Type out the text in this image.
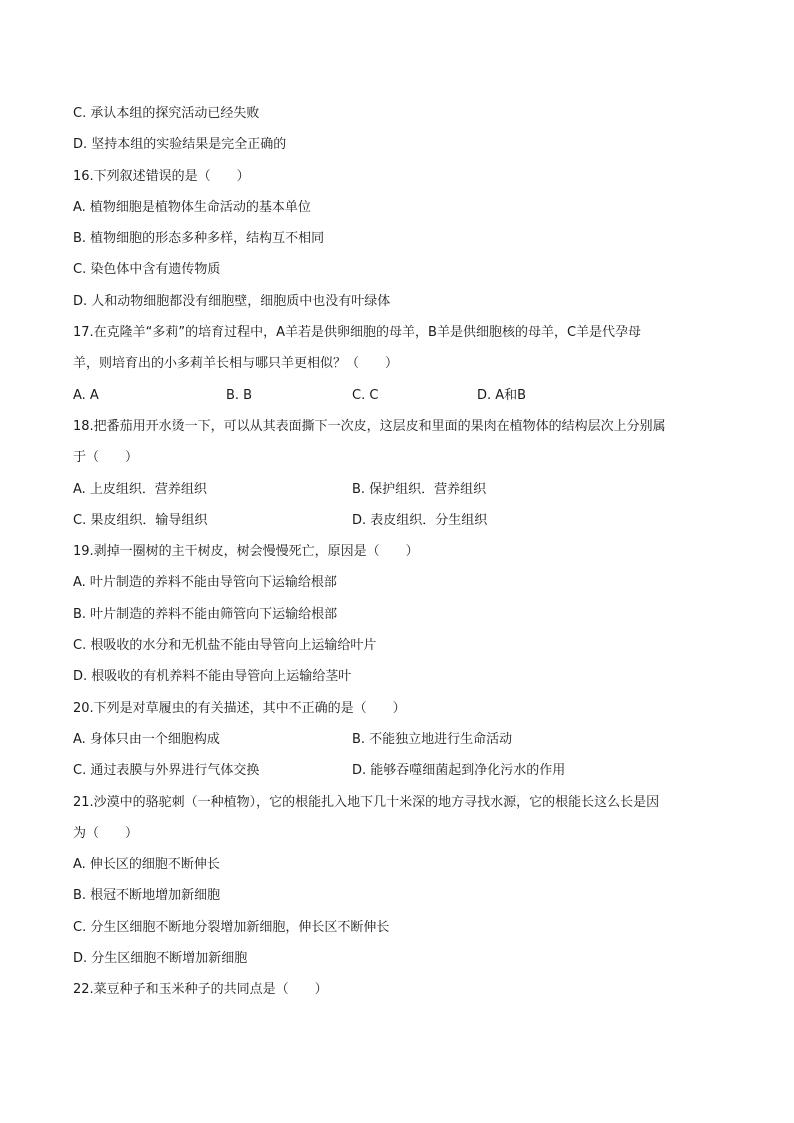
C. 承认本组的探究活动已经失败
D. 坚持本组的实验结果是完全正确的
16.下列叙述错误的是（　　）
A. 植物细胞是植物体生命活动的基本单位
B. 植物细胞的形态多种多样，结构互不相同
C. 染色体中含有遗传物质
D. 人和动物细胞都没有细胞壁，细胞质中也没有叶绿体
17.在克隆羊“多莉”的培育过程中，A羊若是供卵细胞的母羊，B羊是供细胞核的母羊，C羊是代孕母
羊，则培育出的小多莉羊长相与哪只羊更相似？（　　）
A. A	B. B	C. C	D. A和B
18.把番茄用开水烫一下，可以从其表面撕下一次皮，这层皮和里面的果肉在植物体的结构层次上分别属
于（　　）
A. 上皮组织．营养组织	B. 保护组织．营养组织
C. 果皮组织．输导组织	D. 表皮组织．分生组织
19.剥掉一圈树的主干树皮，树会慢慢死亡，原因是（　　）
A. 叶片制造的养料不能由导管向下运输给根部
B. 叶片制造的养料不能由筛管向下运输给根部
C. 根吸收的水分和无机盐不能由导管向上运输给叶片
D. 根吸收的有机养料不能由导管向上运输给茎叶
20.下列是对草履虫的有关描述，其中不正确的是（　　）
A. 身体只由一个细胞构成	B. 不能独立地进行生命活动
C. 通过表膜与外界进行气体交换	D. 能够吞噬细菌起到净化污水的作用
21.沙漠中的骆驼刺（一种植物），它的根能扎入地下几十米深的地方寻找水源，它的根能长这么长是因
为（　　）
A. 伸长区的细胞不断伸长
B. 根冠不断地增加新细胞
C. 分生区细胞不断地分裂增加新细胞，伸长区不断伸长
D. 分生区细胞不断增加新细胞
22.菜豆种子和玉米种子的共同点是（　　）
